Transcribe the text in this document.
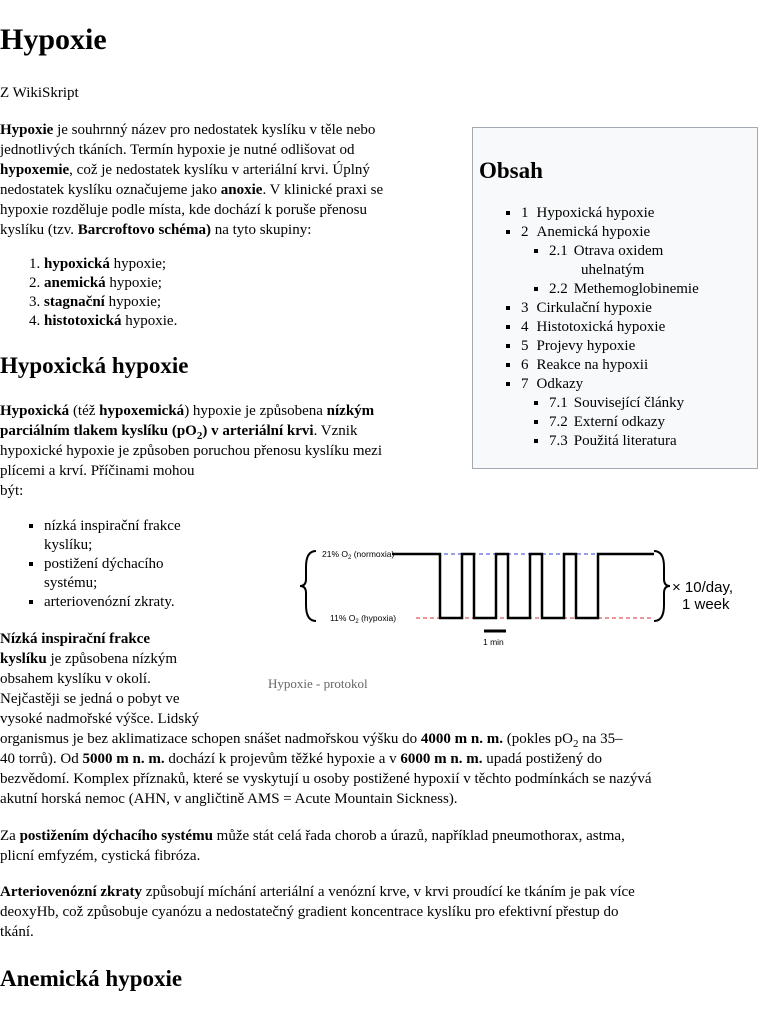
Hypoxie

Z WikiSkript

Hypoxie je souhrnný název pro nedostatek kyslíku v těle nebo
jednotlivých tkáních. Termín hypoxie je nutné odlišovat od
hypoxemie, což je nedostatek kyslíku v arteriální krvi. Úplný
nedostatek kyslíku označujeme jako anoxie. V klinické praxi se
hypoxie rozděluje podle místa, kde dochází k poruše přenosu
kyslíku (tzv. Barcroftovo schéma) na tyto skupiny:

1. hypoxická hypoxie;
2. anemická hypoxie;
3. stagnační hypoxie;
4. histotoxická hypoxie.
Obsah
▪ 1 Hypoxická hypoxie
▪ 2 Anemická hypoxie
▪ 2.1 Otrava oxidem
uhelnatým
▪ 2.2 Methemoglobinemie
▪ 3 Cirkulační hypoxie
▪ 4 Histotoxická hypoxie
▪ 5 Projevy hypoxie
▪ 6 Reakce na hypoxii
▪ 7 Odkazy
▪ 7.1 Související články
▪ 7.2 Externí odkazy
▪ 7.3 Použitá literatura
Hypoxická hypoxie

Hypoxická (též hypoxemická) hypoxie je způsobena nízkým
parciálním tlakem kyslíku $(pO_2)$ v arteriální krvi. Vznik
hypoxické hypoxie je způsoben poruchou přenosu kyslíku mezi
plícemi a krví. Příčinami mohou
být:

▪ nízká inspirační frakce
kyslíku;
▪ postižení dýchacího
systému;
▪ arteriovenózní zkraty.
21% $O_2$ (normoxia)
11% $O_2$ (hypoxia)
× 10/day,
1 week
1 min

Hypoxie - protokol

Nízká inspirační frakce
kyslíku je způsobena nízkým
obsahem kyslíku v okolí.
Nejčastěji se jedná o pobyt ve
vysoké nadmořské výšce. Lidský
organismus je bez aklimatizace schopen snášet nadmořskou výšku do 4000 m n. m. (pokles $pO_2$ na 35–
40 torrů). Od 5000 m n. m. dochází k projevům těžké hypoxie a v 6000 m n. m. upadá postižený do
bezvědomí. Komplex příznaků, které se vyskytují u osoby postižené hypoxií v těchto podmínkách se nazývá
akutní horská nemoc (AHN, v angličtině AMS = Acute Mountain Sickness).

Za postižením dýchacího systému může stát celá řada chorob a úrazů, například pneumothorax, astma,
plicní emfyzém, cystická fibróza.

Arteriovenózní zkraty způsobují míchání arteriální a venózní krve, v krvi proudící ke tkáním je pak více
deoxyHb, což způsobuje cyanózu a nedostatečný gradient koncentrace kyslíku pro efektivní přestup do
tkání.

Anemická hypoxie
